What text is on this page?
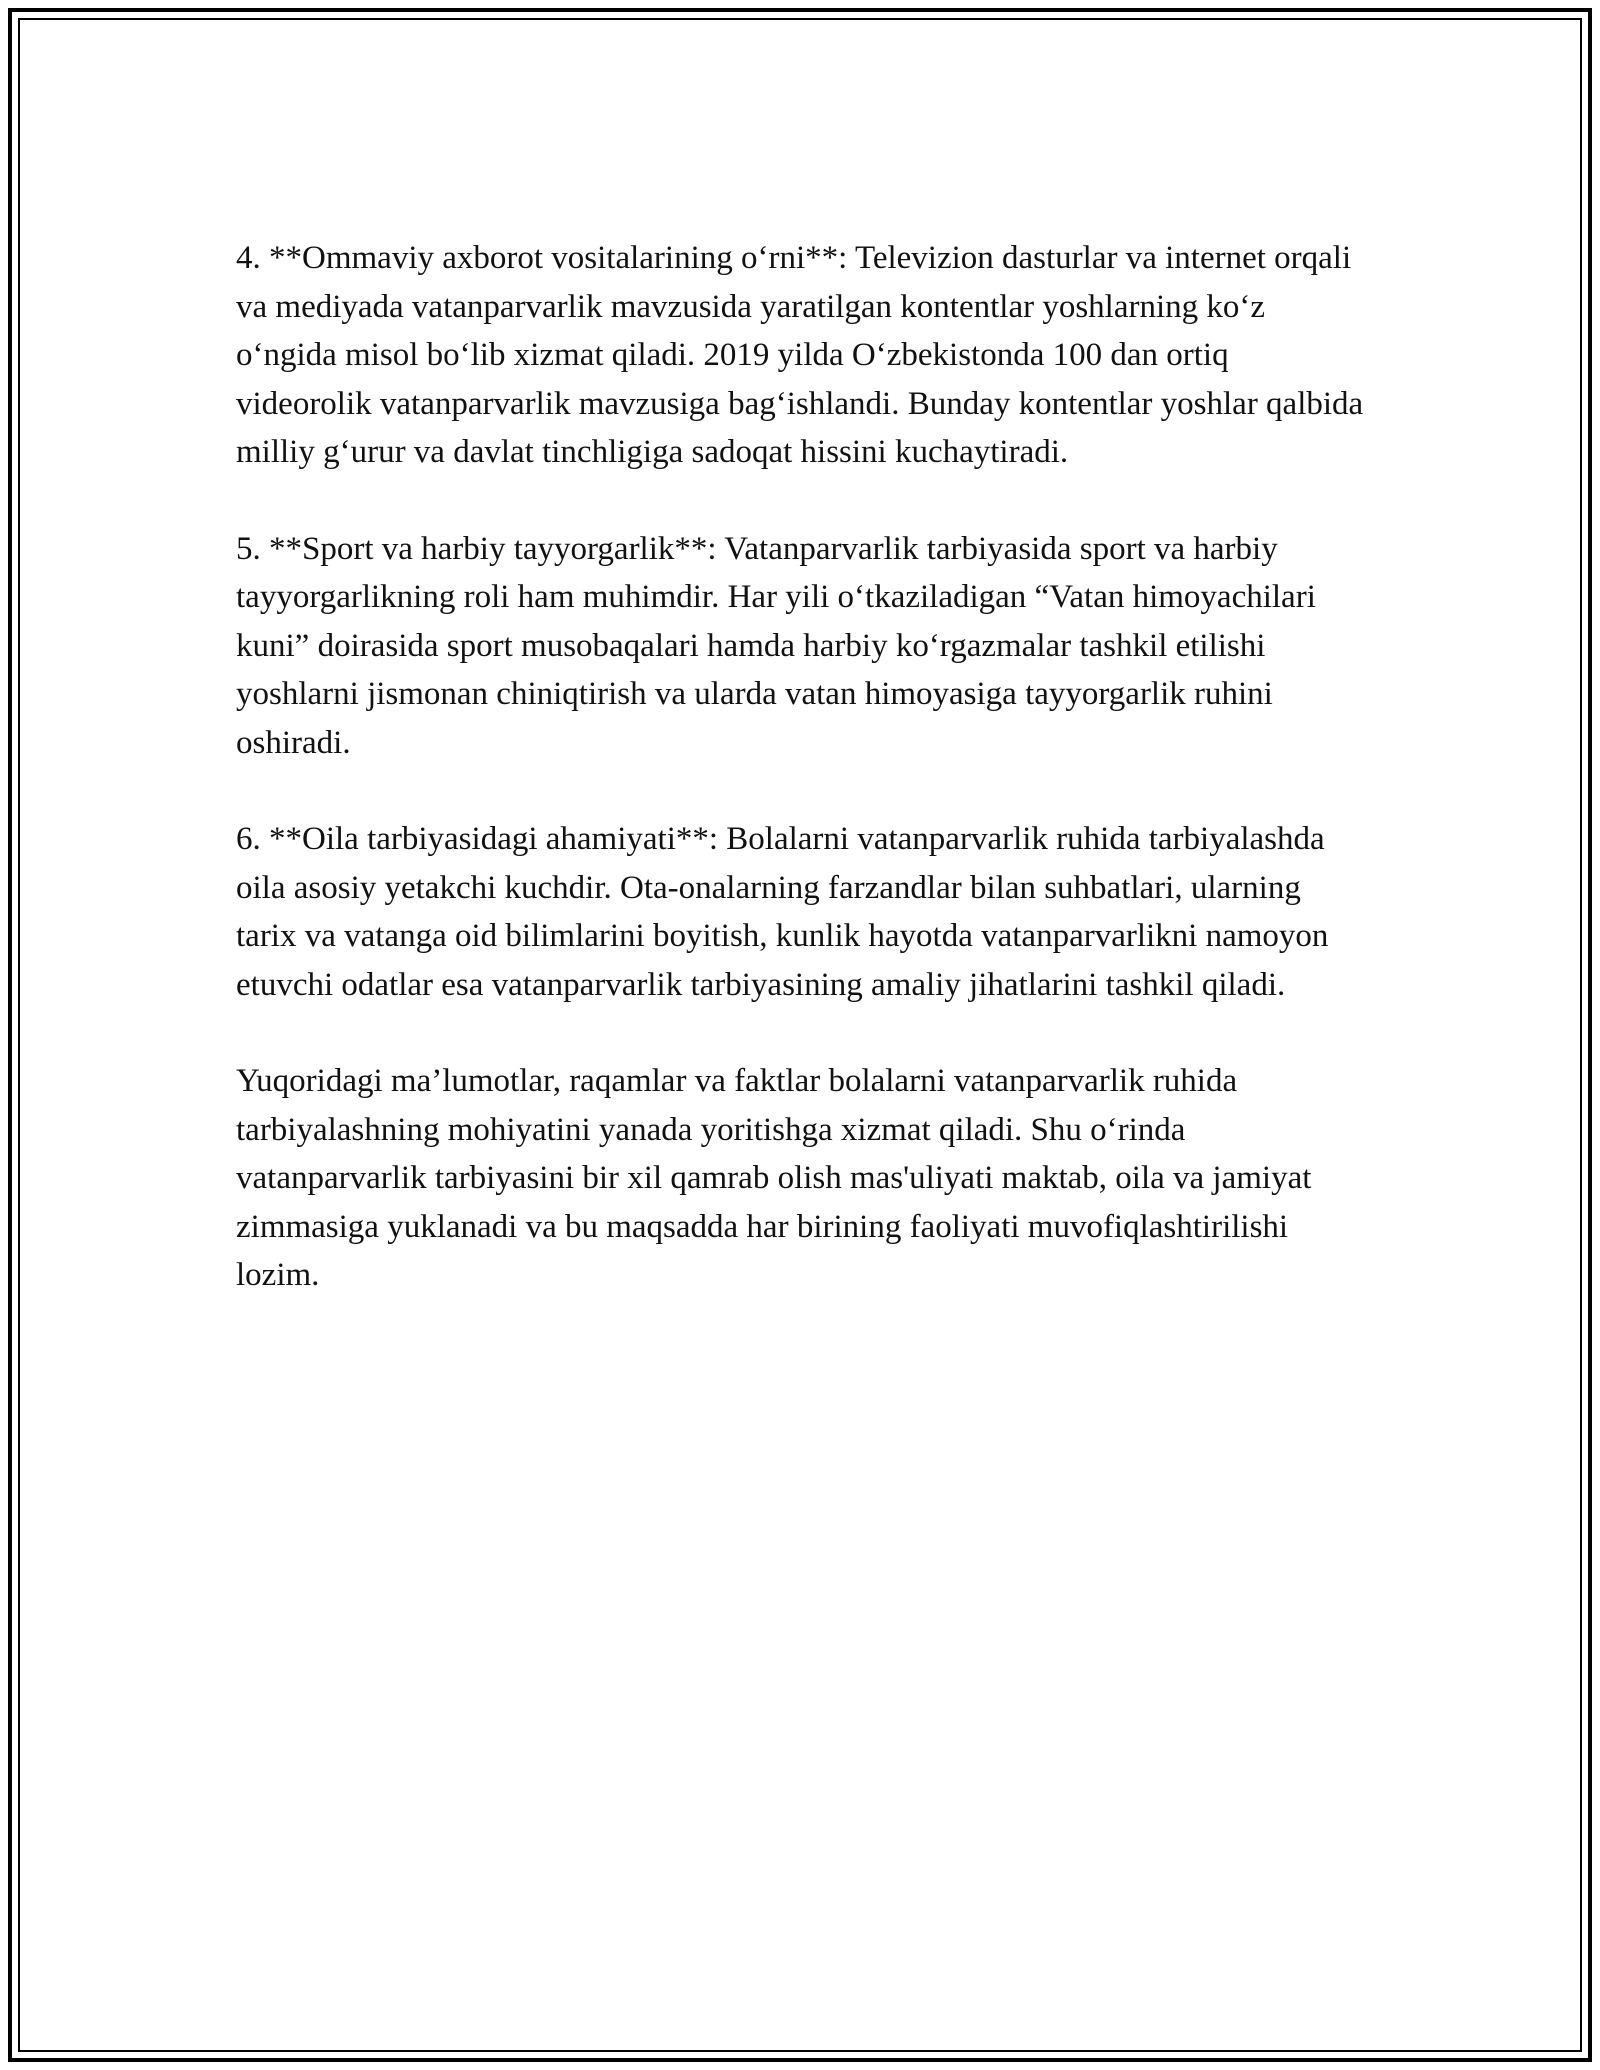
4. **Ommaviy axborot vositalarining oʻrni**: Televizion dasturlar va internet orqali va mediyada vatanparvarlik mavzusida yaratilgan kontentlar yoshlarning koʻz oʻngida misol boʻlib xizmat qiladi. 2019 yilda Oʻzbekistonda 100 dan ortiq videorolik vatanparvarlik mavzusiga bagʻishlandi. Bunday kontentlar yoshlar qalbida milliy gʻurur va davlat tinchligiga sadoqat hissini kuchaytiradi.

5. **Sport va harbiy tayyorgarlik**: Vatanparvarlik tarbiyasida sport va harbiy tayyorgarlikning roli ham muhimdir. Har yili oʻtkaziladigan “Vatan himoyachilari kuni” doirasida sport musobaqalari hamda harbiy koʻrgazmalar tashkil etilishi yoshlarni jismonan chiniqtirish va ularda vatan himoyasiga tayyorgarlik ruhini oshiradi.

6. **Oila tarbiyasidagi ahamiyati**: Bolalarni vatanparvarlik ruhida tarbiyalashda oila asosiy yetakchi kuchdir. Ota-onalarning farzandlar bilan suhbatlari, ularning tarix va vatanga oid bilimlarini boyitish, kunlik hayotda vatanparvarlikni namoyon etuvchi odatlar esa vatanparvarlik tarbiyasining amaliy jihatlarini tashkil qiladi.

Yuqoridagi ma’lumotlar, raqamlar va faktlar bolalarni vatanparvarlik ruhida tarbiyalashning mohiyatini yanada yoritishga xizmat qiladi. Shu oʻrinda vatanparvarlik tarbiyasini bir xil qamrab olish mas'uliyati maktab, oila va jamiyat zimmasiga yuklanadi va bu maqsadda har birining faoliyati muvofiqlashtirilishi lozim.
